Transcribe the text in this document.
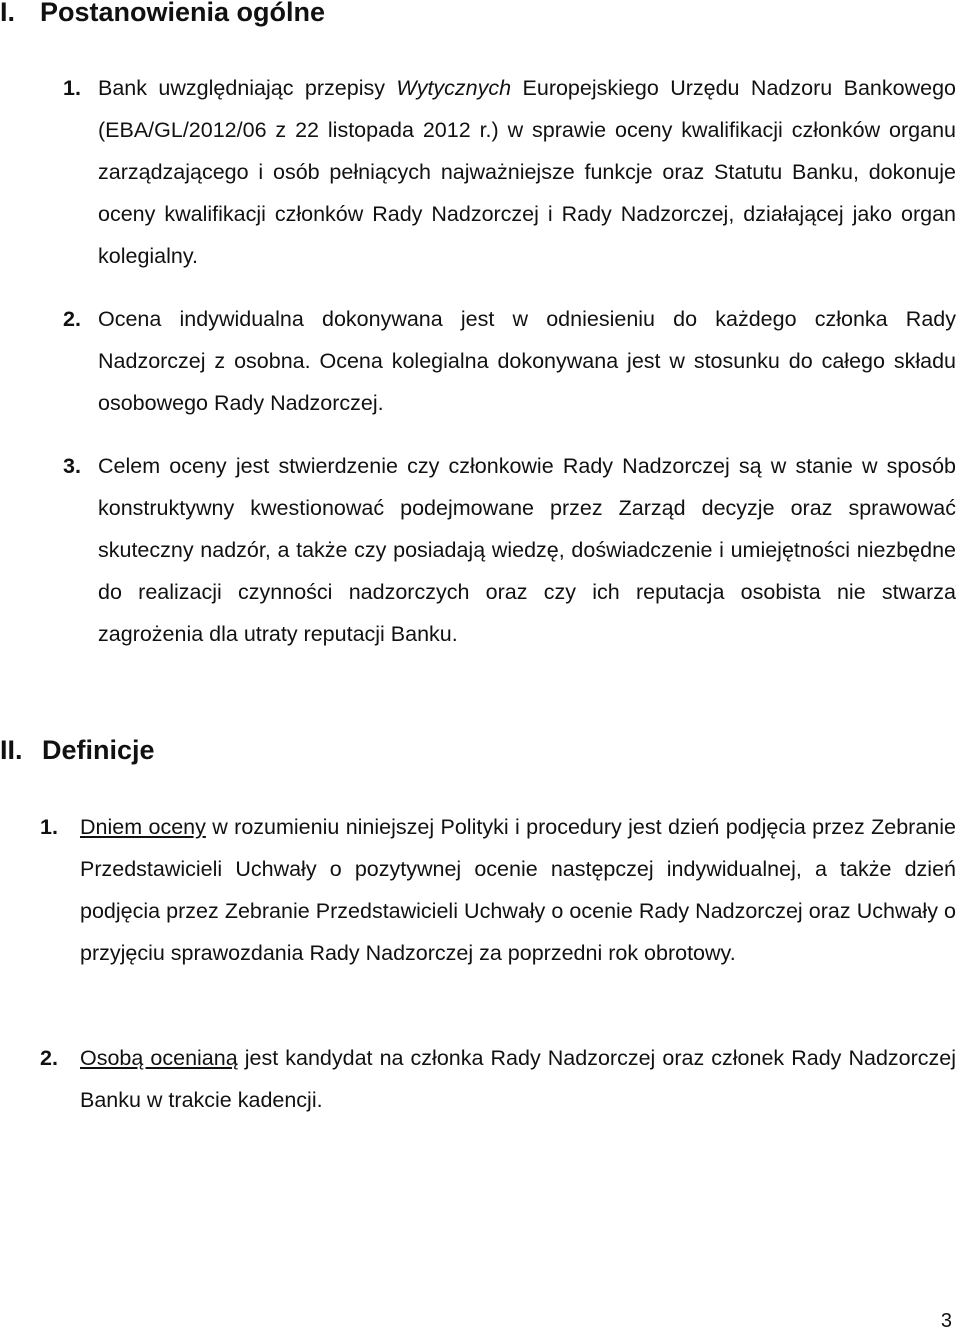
I. Postanowienia ogólne

1. Bank uwzględniając przepisy Wytycznych Europejskiego Urzędu Nadzoru Bankowego (EBA/GL/2012/06 z 22 listopada 2012 r.) w sprawie oceny kwalifikacji członków organu zarządzającego i osób pełniących najważniejsze funkcje oraz Statutu Banku, dokonuje oceny kwalifikacji członków Rady Nadzorczej i Rady Nadzorczej, działającej jako organ kolegialny.

2. Ocena indywidualna dokonywana jest w odniesieniu do każdego członka Rady Nadzorczej z osobna. Ocena kolegialna dokonywana jest w stosunku do całego składu osobowego Rady Nadzorczej.

3. Celem oceny jest stwierdzenie czy członkowie Rady Nadzorczej są w stanie w sposób konstruktywny kwestionować podejmowane przez Zarząd decyzje oraz sprawować skuteczny nadzór, a także czy posiadają wiedzę, doświadczenie i umiejętności niezbędne do realizacji czynności nadzorczych oraz czy ich reputacja osobista nie stwarza zagrożenia dla utraty reputacji Banku.

II. Definicje

1. Dniem oceny w rozumieniu niniejszej Polityki i procedury jest dzień podjęcia przez Zebranie Przedstawicieli Uchwały o pozytywnej ocenie następczej indywidualnej, a także dzień podjęcia przez Zebranie Przedstawicieli Uchwały o ocenie Rady Nadzorczej oraz Uchwały o przyjęciu sprawozdania Rady Nadzorczej za poprzedni rok obrotowy.

2. Osobą ocenianą jest kandydat na członka Rady Nadzorczej oraz członek Rady Nadzorczej Banku w trakcie kadencji.

3
